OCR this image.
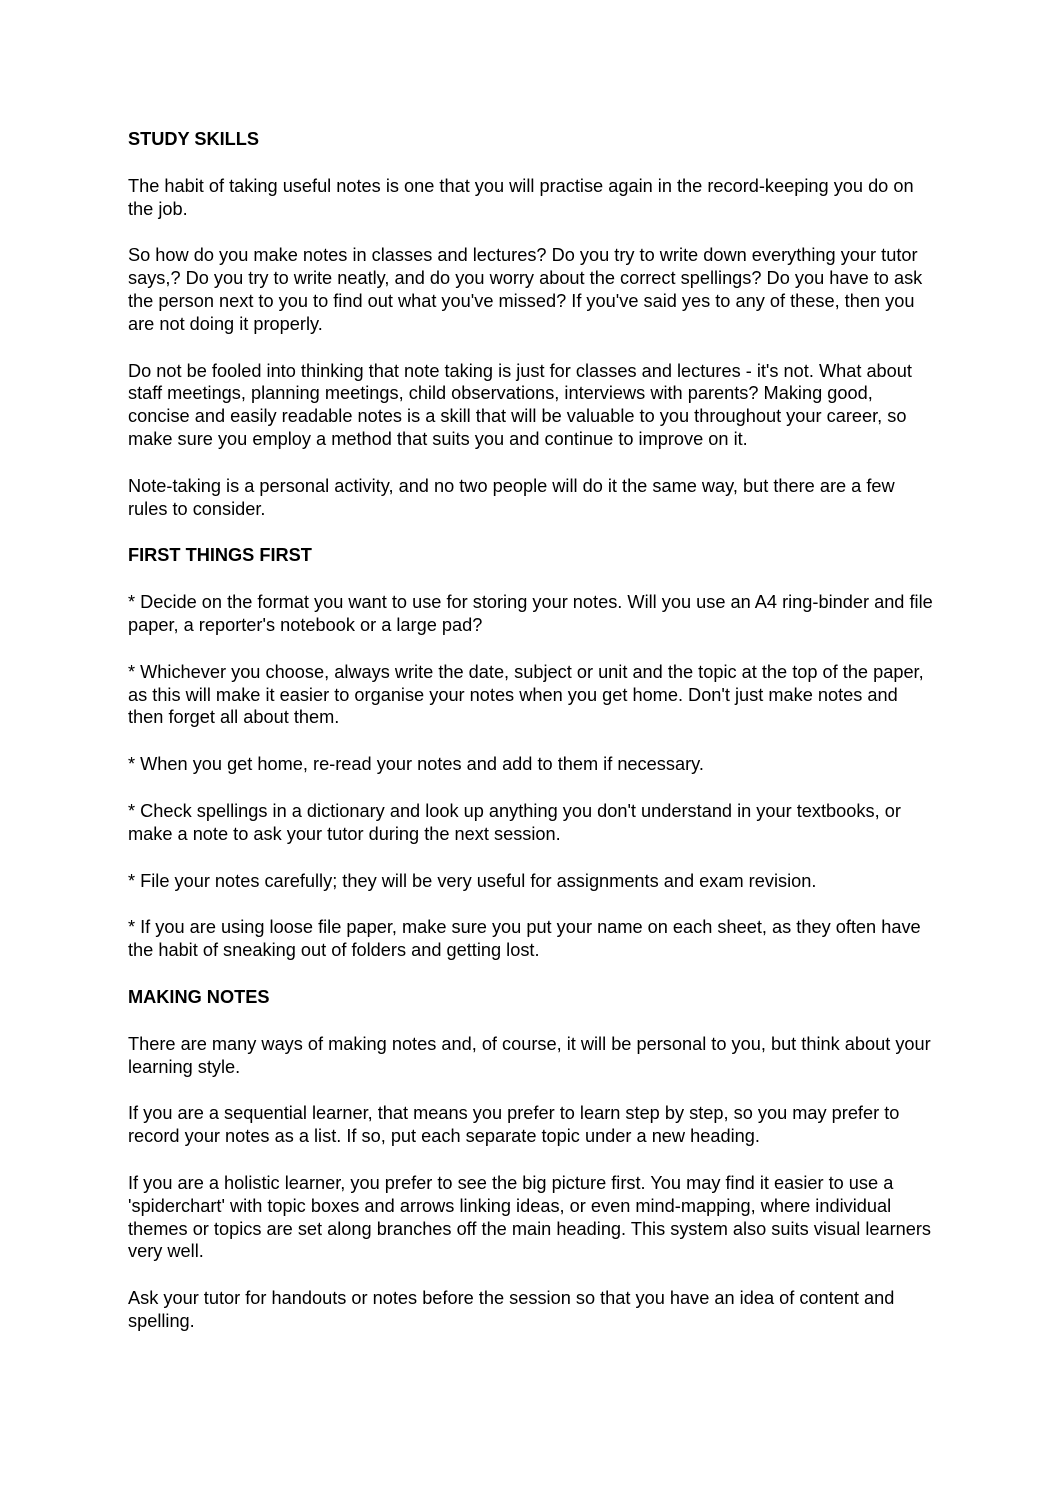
STUDY SKILLS

The habit of taking useful notes is one that you will practise again in the record-keeping you do on the job.

So how do you make notes in classes and lectures? Do you try to write down everything your tutor says,? Do you try to write neatly, and do you worry about the correct spellings? Do you have to ask the person next to you to find out what you've missed? If you've said yes to any of these, then you are not doing it properly.

Do not be fooled into thinking that note taking is just for classes and lectures - it's not. What about staff meetings, planning meetings, child observations, interviews with parents? Making good, concise and easily readable notes is a skill that will be valuable to you throughout your career, so make sure you employ a method that suits you and continue to improve on it.

Note-taking is a personal activity, and no two people will do it the same way, but there are a few rules to consider.

FIRST THINGS FIRST

* Decide on the format you want to use for storing your notes. Will you use an A4 ring-binder and file paper, a reporter's notebook or a large pad?

* Whichever you choose, always write the date, subject or unit and the topic at the top of the paper, as this will make it easier to organise your notes when you get home. Don't just make notes and then forget all about them.

* When you get home, re-read your notes and add to them if necessary.

* Check spellings in a dictionary and look up anything you don't understand in your textbooks, or make a note to ask your tutor during the next session.

* File your notes carefully; they will be very useful for assignments and exam revision.

* If you are using loose file paper, make sure you put your name on each sheet, as they often have the habit of sneaking out of folders and getting lost.

MAKING NOTES

There are many ways of making notes and, of course, it will be personal to you, but think about your learning style.

If you are a sequential learner, that means you prefer to learn step by step, so you may prefer to record your notes as a list. If so, put each separate topic under a new heading.

If you are a holistic learner, you prefer to see the big picture first. You may find it easier to use a 'spiderchart' with topic boxes and arrows linking ideas, or even mind-mapping, where individual themes or topics are set along branches off the main heading. This system also suits visual learners very well.

Ask your tutor for handouts or notes before the session so that you have an idea of content and spelling.
